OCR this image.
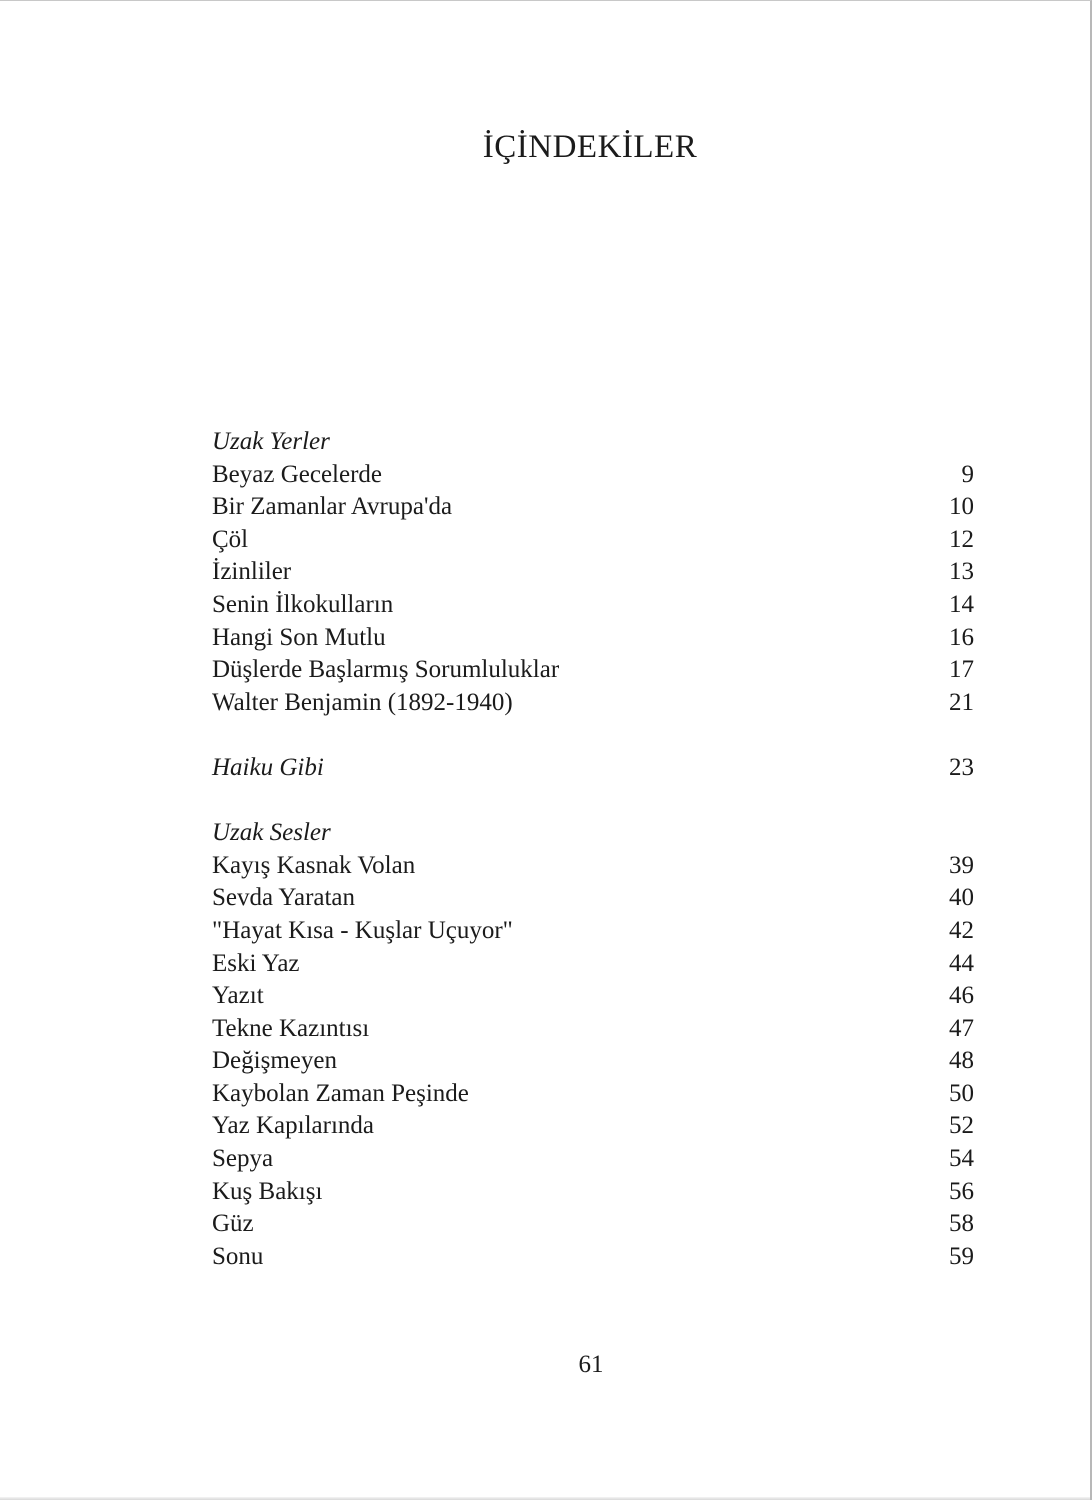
İÇİNDEKİLER
Uzak Yerler
Beyaz Gecelerde	9
Bir Zamanlar Avrupa'da	10
Çöl	12
İzinliler	13
Senin İlkokulların	14
Hangi Son Mutlu	16
Düşlerde Başlarmış Sorumluluklar	17
Walter Benjamin (1892-1940)	21
Haiku Gibi	23
Uzak Sesler
Kayış Kasnak Volan	39
Sevda Yaratan	40
"Hayat Kısa - Kuşlar Uçuyor"	42
Eski Yaz	44
Yazıt	46
Tekne Kazıntısı	47
Değişmeyen	48
Kaybolan Zaman Peşinde	50
Yaz Kapılarında	52
Sepya	54
Kuş Bakışı	56
Güz	58
Sonu	59
61
